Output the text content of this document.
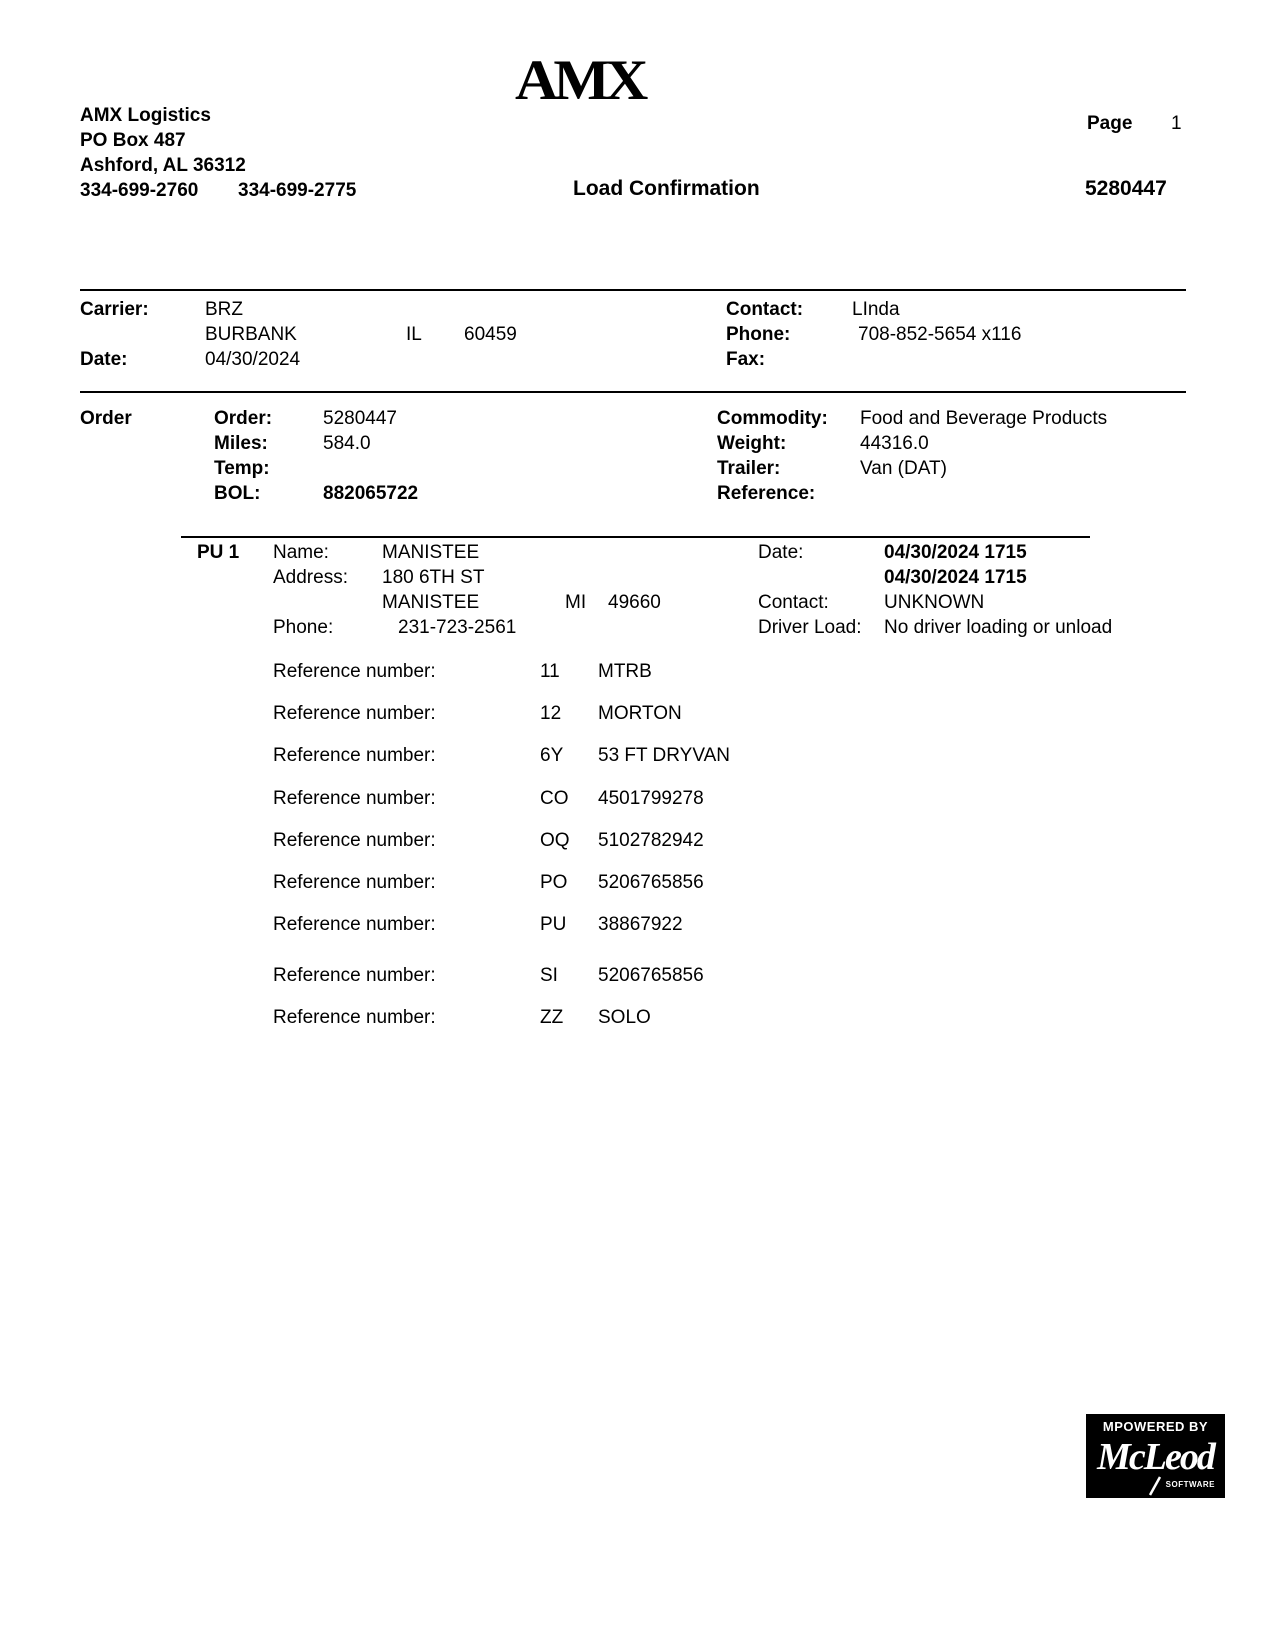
AMX
AMX Logistics
PO Box 487
Ashford, AL 36312
334-699-2760 334-699-2775	Load Confirmation
Page 1
5280447
Carrier:	BRZ
BURBANK	IL 60459
Date:	04/30/2024
Contact:	LInda
Phone:	708-852-5654 x116
Fax:
Order	Order:	5280447
Miles:	584.0
Temp:
BOL:	882065722
Commodity: Food and Beverage Products
Weight:	44316.0
Trailer:	Van (DAT)
Reference:
PU 1 Name:	MANISTEE
Address: 180 6TH ST
MANISTEE	MI 49660
Phone:	231-723-2561
Date:	04/30/2024 1715
04/30/2024 1715
Contact:	UNKNOWN
Driver Load: No driver loading or unload
Reference number:	11 MTRB
Reference number:	12 MORTON
Reference number:	6Y 53 FT DRYVAN
Reference number:	CO 4501799278
Reference number:	OQ 5102782942
Reference number:	PO 5206765856
Reference number:	PU 38867922
Reference number:	SI 5206765856
Reference number:	ZZ SOLO
MPOWERED BY
McLeod
SOFTWARE
